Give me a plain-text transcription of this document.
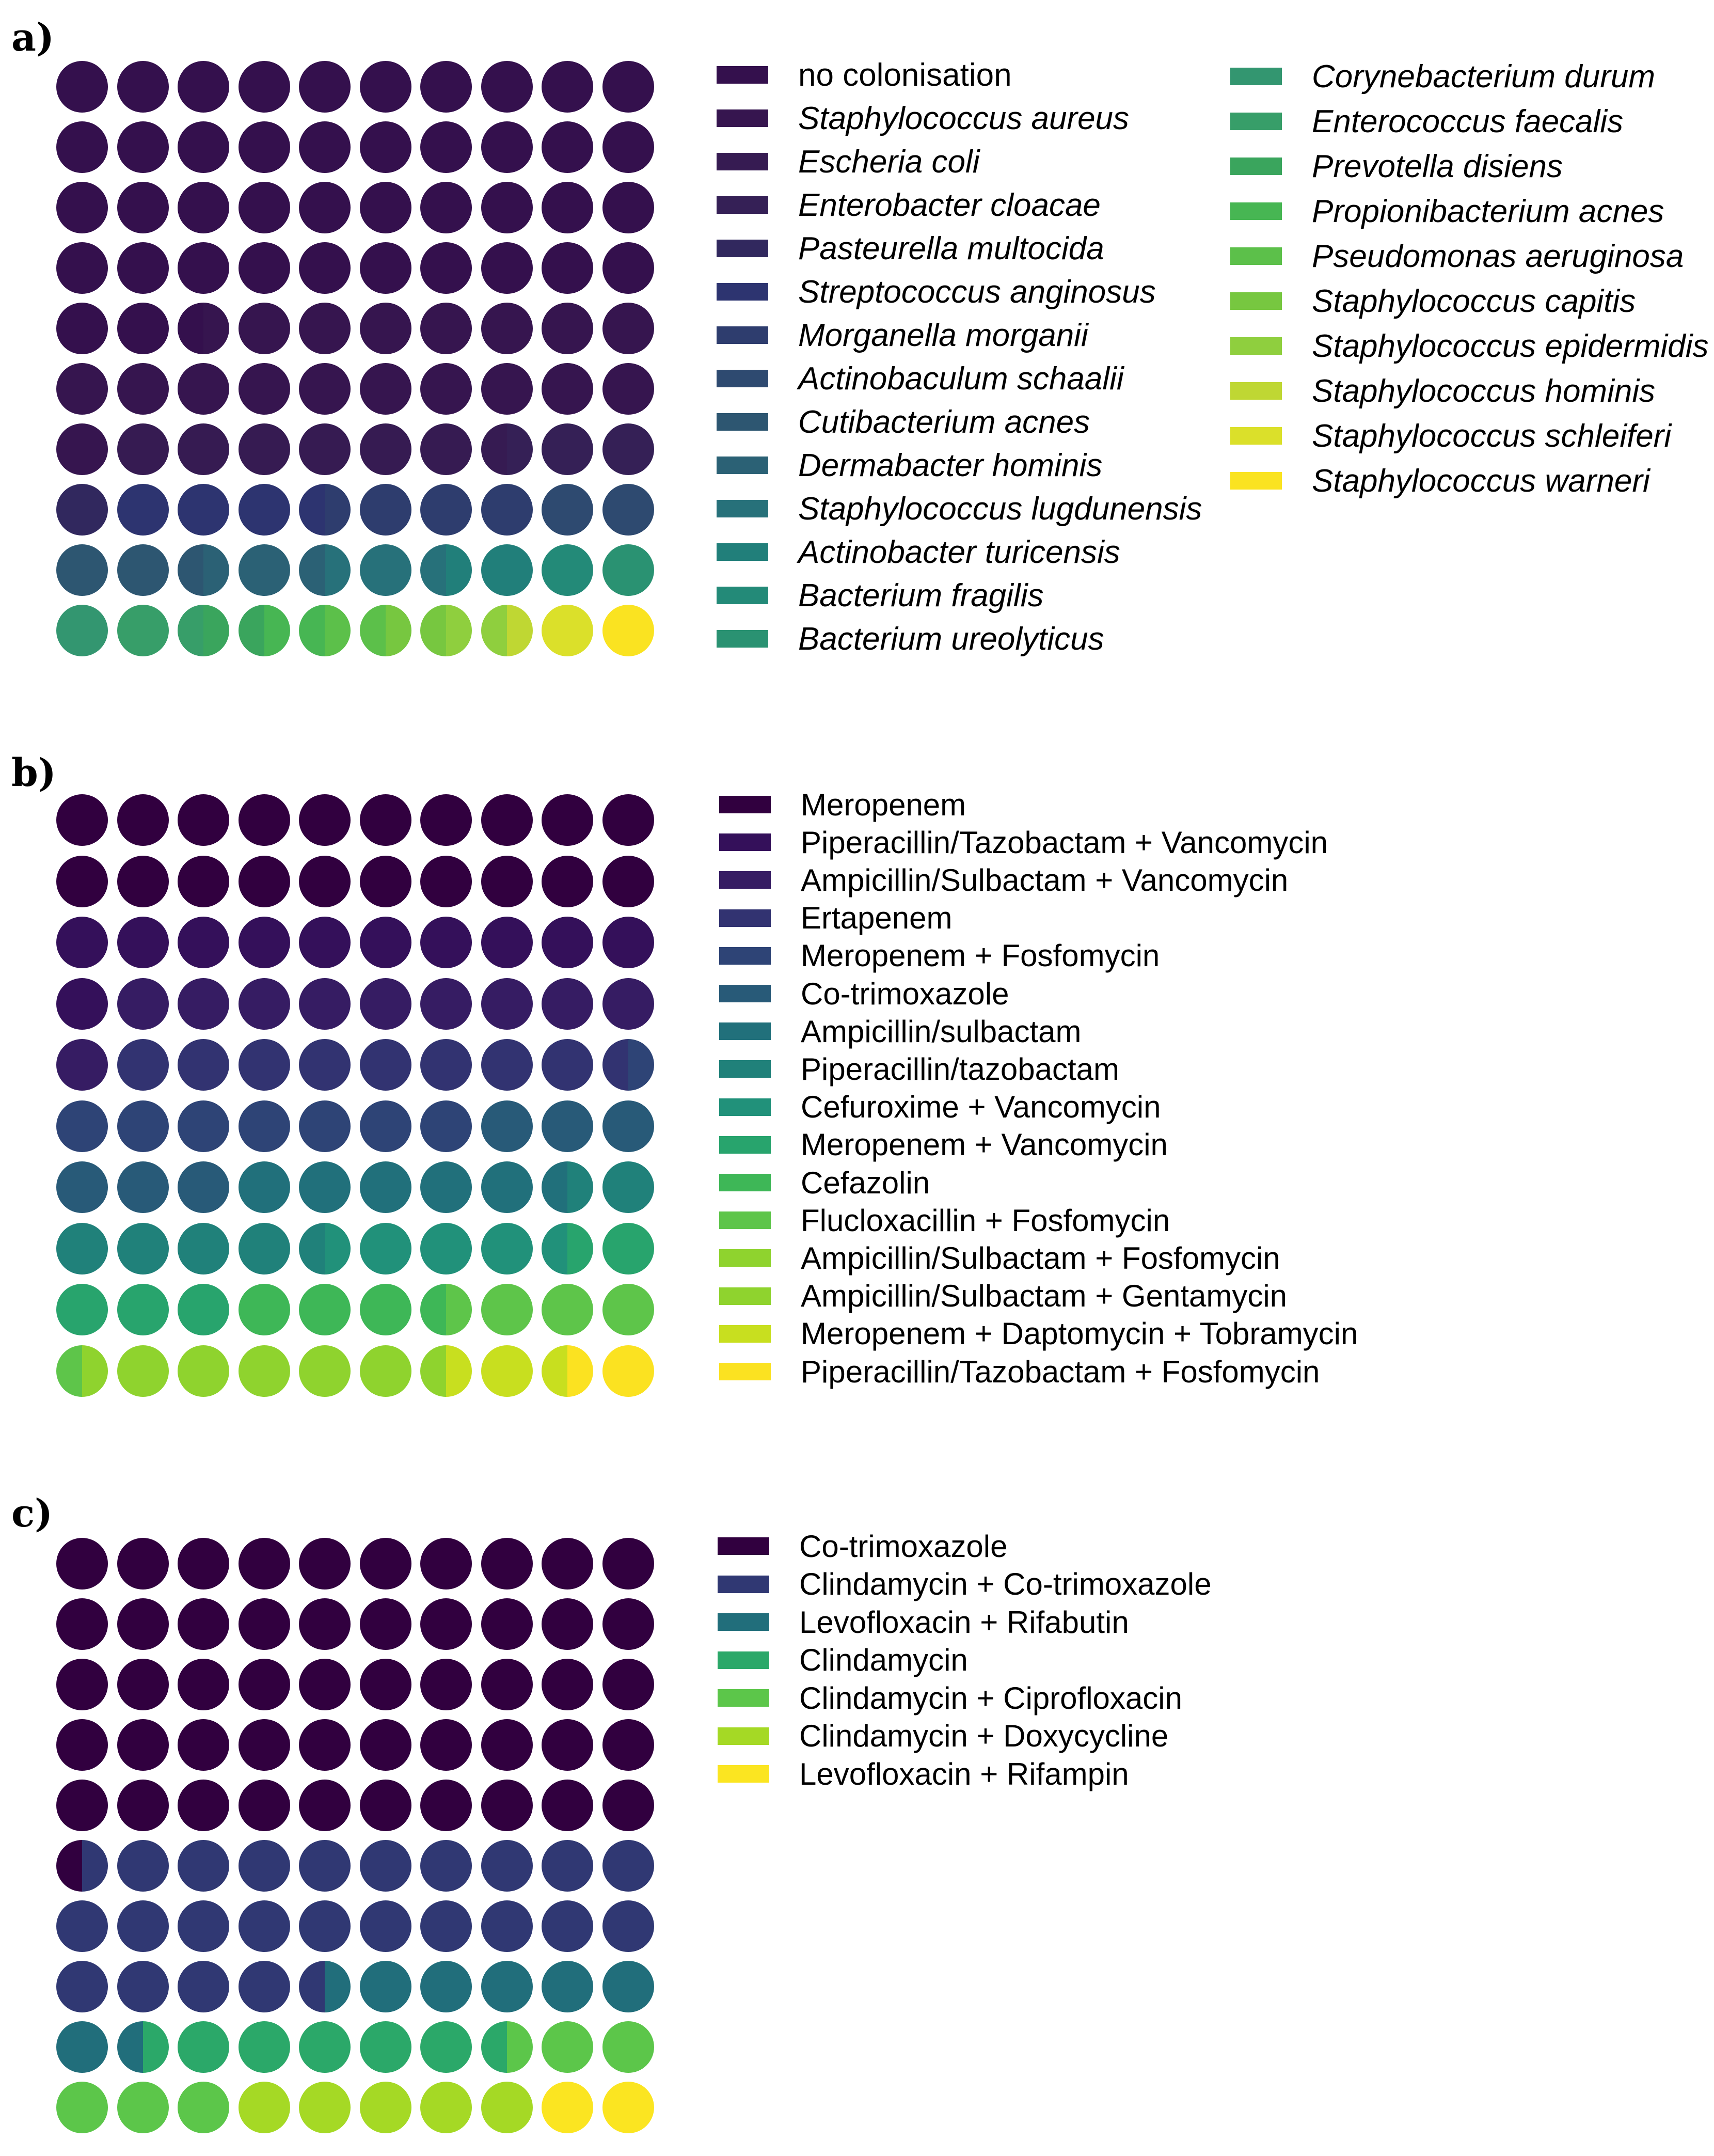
a)
no colonisation
Staphylococcus aureus
Escheria coli
Enterobacter cloacae
Pasteurella multocida
Streptococcus anginosus
Morganella morganii
Actinobaculum schaalii
Cutibacterium acnes
Dermabacter hominis
Staphylococcus lugdunensis
Actinobacter turicensis
Bacterium fragilis
Bacterium ureolyticus
Corynebacterium durum
Enterococcus faecalis
Prevotella disiens
Propionibacterium acnes
Pseudomonas aeruginosa
Staphylococcus capitis
Staphylococcus epidermidis
Staphylococcus hominis
Staphylococcus schleiferi
Staphylococcus warneri
b)
Meropenem
Piperacillin/Tazobactam + Vancomycin
Ampicillin/Sulbactam + Vancomycin
Ertapenem
Meropenem + Fosfomycin
Co-trimoxazole
Ampicillin/sulbactam
Piperacillin/tazobactam
Cefuroxime + Vancomycin
Meropenem + Vancomycin
Cefazolin
Flucloxacillin + Fosfomycin
Ampicillin/Sulbactam + Fosfomycin
Ampicillin/Sulbactam + Gentamycin
Meropenem + Daptomycin + Tobramycin
Piperacillin/Tazobactam + Fosfomycin
c)
Co-trimoxazole
Clindamycin + Co-trimoxazole
Levofloxacin + Rifabutin
Clindamycin
Clindamycin + Ciprofloxacin
Clindamycin + Doxycycline
Levofloxacin + Rifampin
